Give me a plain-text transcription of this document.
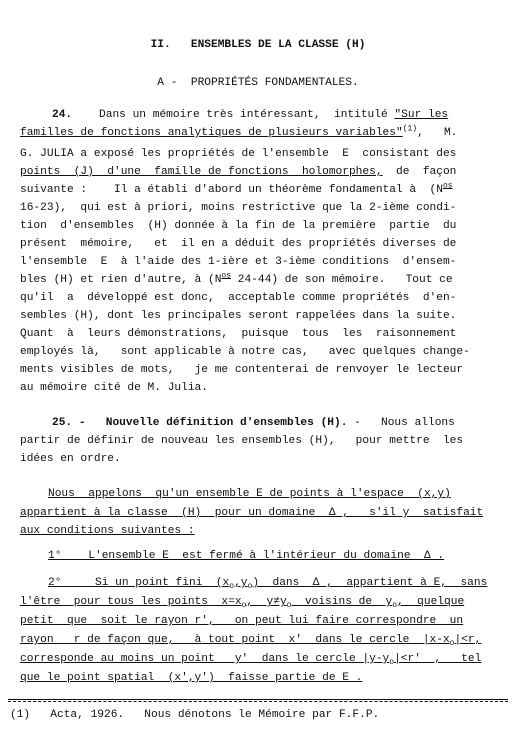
II.   ENSEMBLES DE LA CLASSE (H)
A -  PROPRIÉTÉS FONDAMENTALES.
24. Dans un mémoire très intéressant,  intitulé "Sur les
familles de fonctions analytiques de plusieurs variables"$^{(1)}$,   M.
G. JULIA a exposé les propriétés de l'ensemble  E  consistant des
points  (J)  d'une  famille de fonctions  holomorphes,  de  façon
suivante :    Il a établi d'abord un théorème fondamental à  ($N^{os}$
16-23),  qui est à priori, moins restrictive que la 2-ième condi-
tion  d'ensembles  (H) donnée à la fin de la première  partie  du
présent  mémoire,   et  il en a déduit des propriétés diverses de
l'ensemble  E  à l'aide des 1-ière et 3-ième conditions  d'ensem-
bles (H) et rien d'autre, à ($N^{os}$ 24-44) de son mémoire.   Tout ce
qu'il  a  développé est donc,  acceptable comme propriétés  d'en-
sembles (H), dont les principales seront rappelées dans la suite.
Quant  à  leurs démonstrations,  puisque  tous  les  raisonnement
employés là,   sont applicable à notre cas,   avec quelques change-
ments visibles de mots,   je me contenterai de renvoyer le lecteur
au mémoire cité de M. Julia.
25. - Nouvelle définition d'ensembles (H). -   Nous allons
partir de définir de nouveau les ensembles (H),   pour mettre  les
idées en ordre.
Nous  appelons  qu'un ensemble E de points à l'espace  (x,y)
appartient à la classe  (H)  pour un domaine  Δ ,   s'il y  satisfait
aux conditions suivantes :
1°    L'ensemble E  est fermé à l'intérieur du domaine  Δ .
2°     Si un point fini  $(x_o,y_o)$  dans  Δ ,  appartient à E,  sans
l'être  pour tous les points  $x=x_o$,  $y\ne y_o$  voisins de  $y_o$,  quelque
petit  que  soit le rayon r',   on peut lui faire correspondre  un
rayon   r de façon que,   à tout point  x'  dans le cercle  $|x-x_o|<r$,
corresponde au moins un point   y'  dans le cercle $|y-y_o|<r'$  ,   tel
que le point spatial  (x',y')  faisse partie de E .
(1)   Acta, 1926.   Nous dénotons le Mémoire par F.F.P.
